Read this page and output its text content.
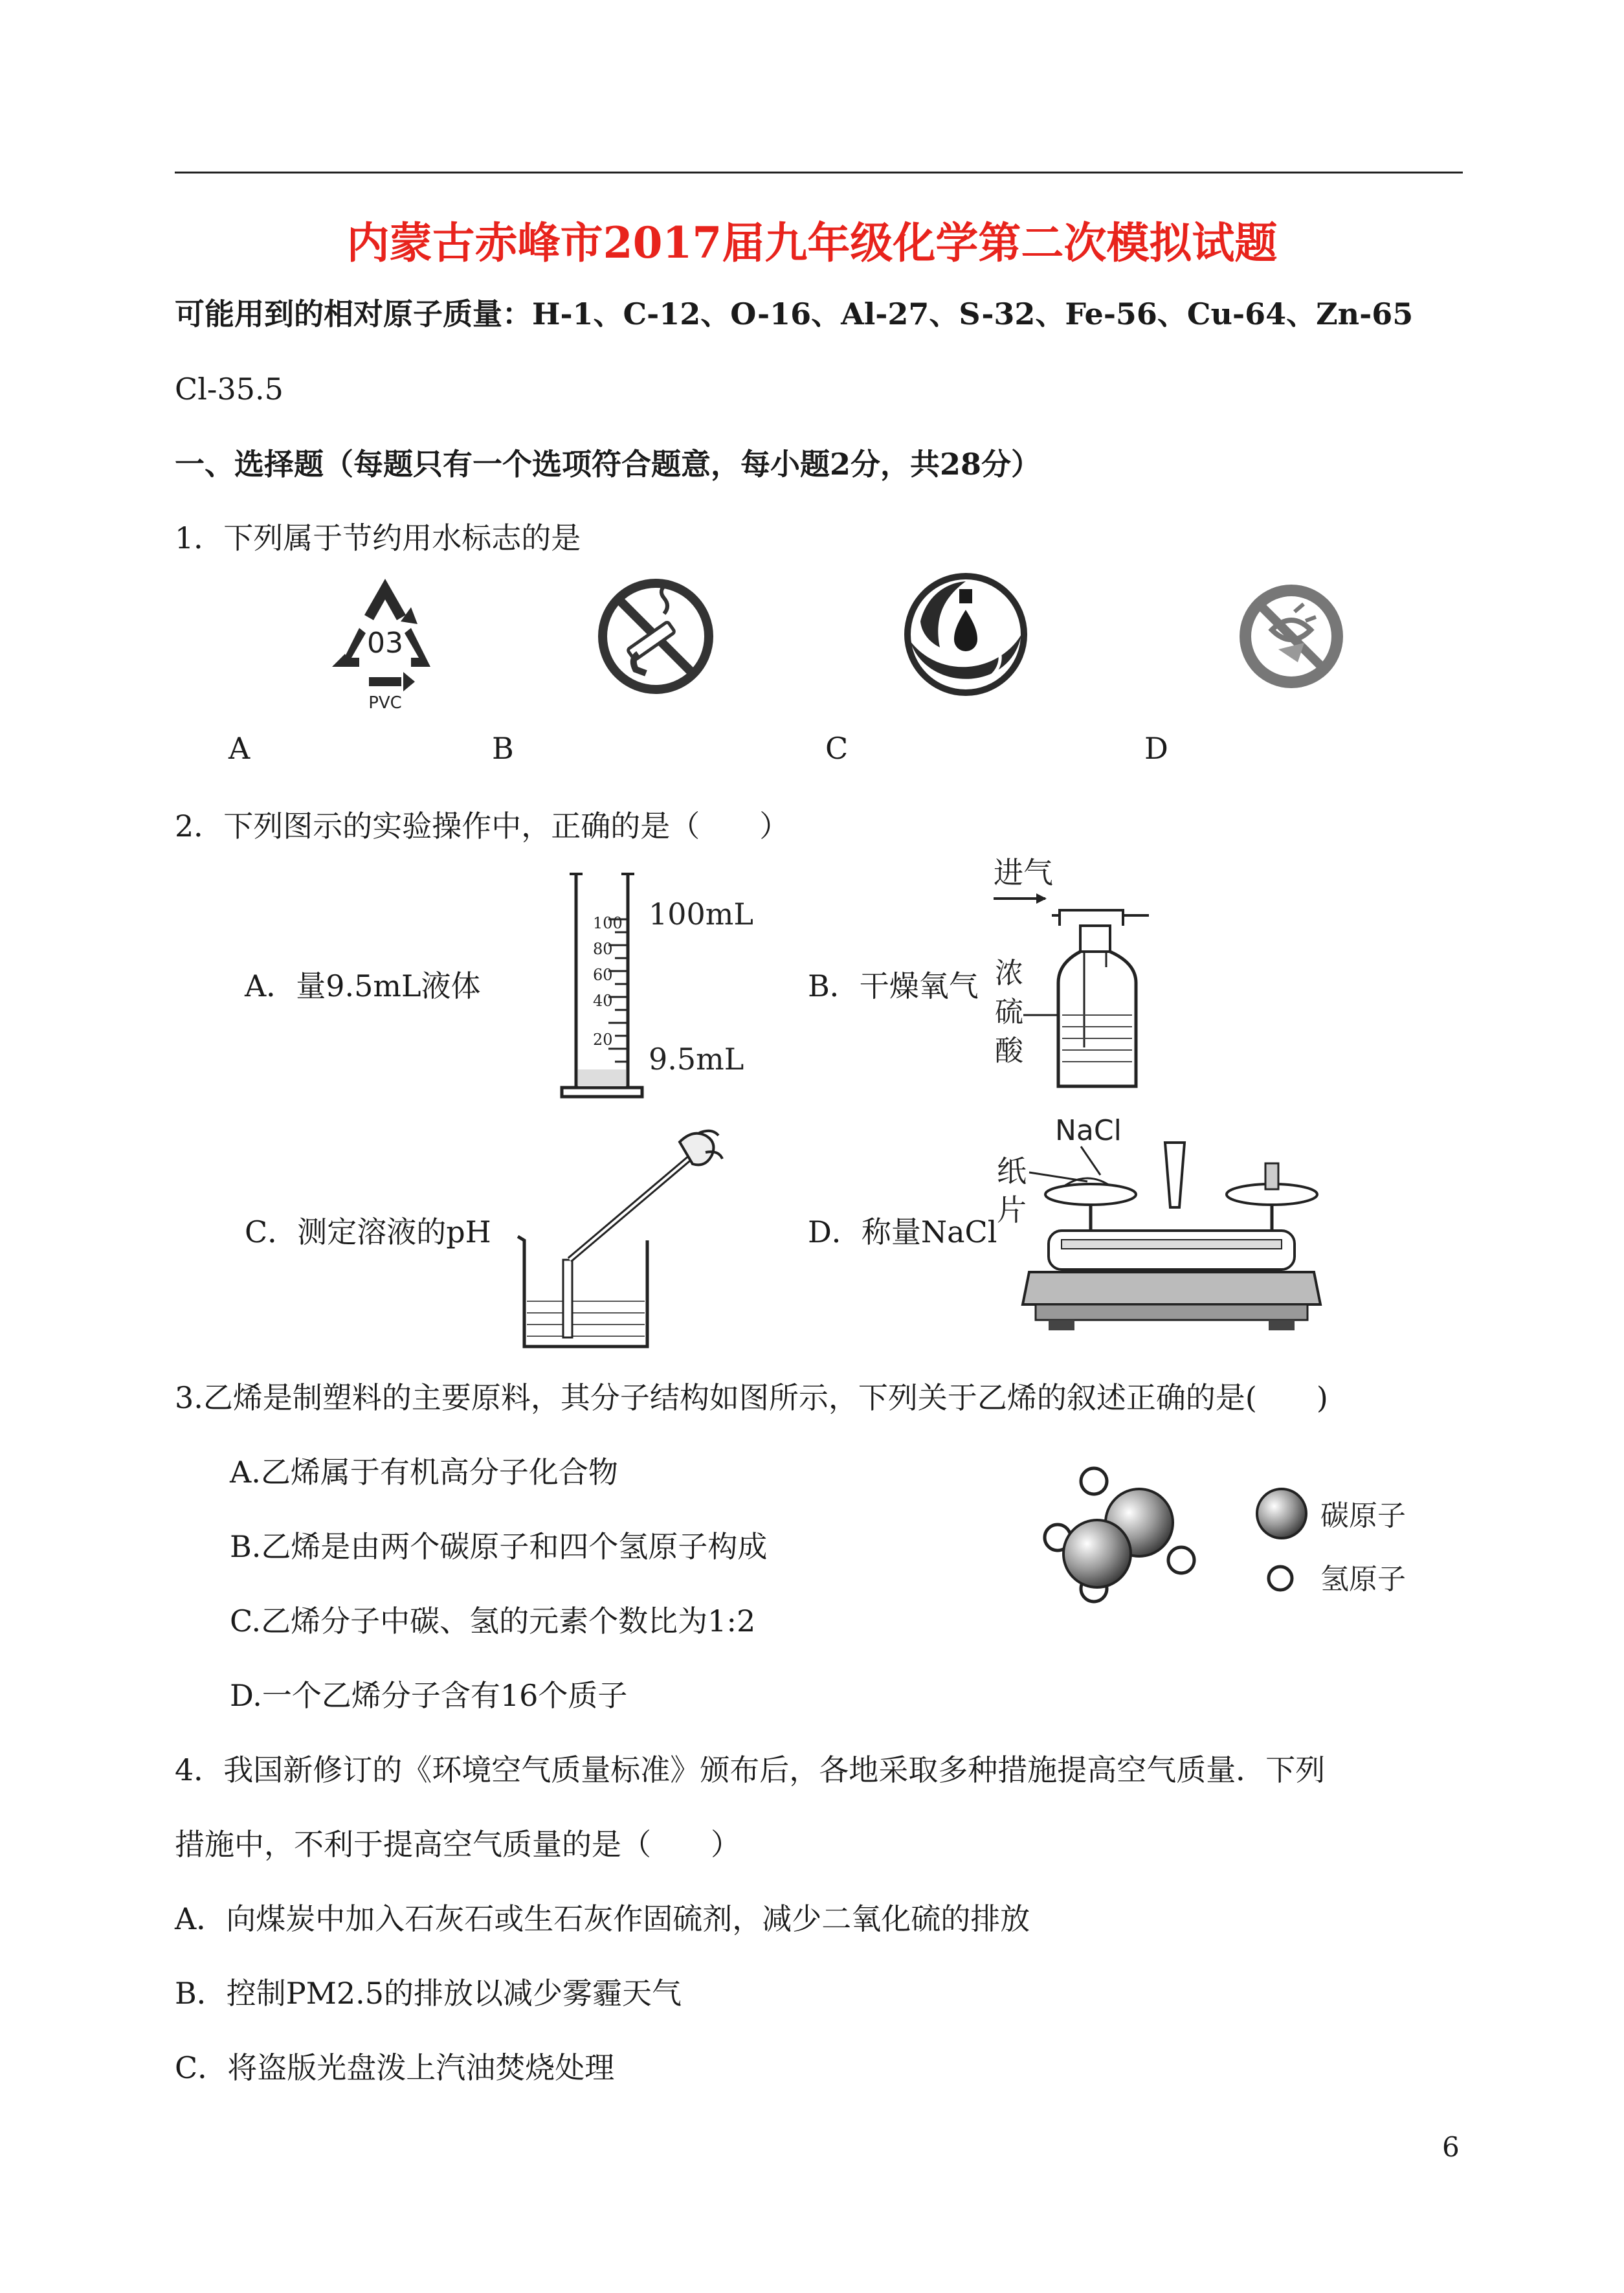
内蒙古赤峰市2017届九年级化学第二次模拟试题
可能用到的相对原子质量：H-1、C-12、O-16、Al-27、S-32、Fe-56、Cu-64、Zn-65
Cl-35.5
一、选择题（每题只有一个选项符合题意，每小题2分，共28分）
1．下列属于节约用水标志的是
03
PVC
A	B	C	D
2．下列图示的实验操作中，正确的是（　　）
A．量9.5mL液体
100
80
60
40
20
100mL
9.5mL
B．干燥氧气
进气
浓
硫
酸
C．测定溶液的pH	D．称量NaCl
NaCl
纸
片
3.乙烯是制塑料的主要原料，其分子结构如图所示，下列关于乙烯的叙述正确的是(　　)
A.乙烯属于有机高分子化合物
B.乙烯是由两个碳原子和四个氢原子构成
C.乙烯分子中碳、氢的元素个数比为1:2
D.一个乙烯分子含有16个质子
碳原子
氢原子
4．我国新修订的《环境空气质量标准》颁布后，各地采取多种措施提高空气质量．下列
措施中，不利于提高空气质量的是（　　）
A．向煤炭中加入石灰石或生石灰作固硫剂，减少二氧化硫的排放
B．控制PM2.5的排放以减少雾霾天气
C．将盗版光盘泼上汽油焚烧处理
6
